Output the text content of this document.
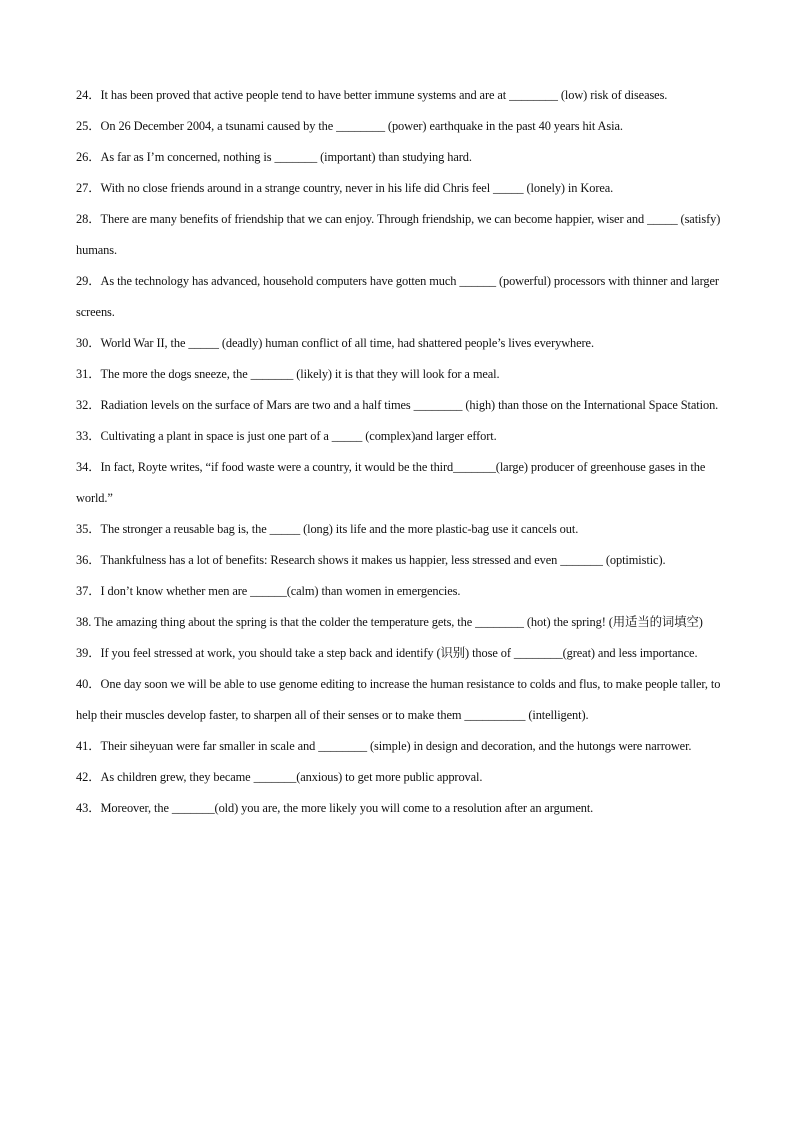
24．It has been proved that active people tend to have better immune systems and are at ________ (low) risk of diseases.

25．On 26 December 2004, a tsunami caused by the ________ (power) earthquake in the past 40 years hit Asia.

26．As far as I’m concerned, nothing is _______ (important) than studying hard.

27．With no close friends around in a strange country, never in his life did Chris feel _____ (lonely) in Korea.

28．There are many benefits of friendship that we can enjoy. Through friendship, we can become happier, wiser and _____ (satisfy) humans.

29．As the technology has advanced, household computers have gotten much ______ (powerful) processors with thinner and larger screens.

30．World War II, the _____ (deadly) human conflict of all time, had shattered people’s lives everywhere.

31．The more the dogs sneeze, the _______ (likely) it is that they will look for a meal.

32．Radiation levels on the surface of Mars are two and a half times ________ (high) than those on the International Space Station.

33．Cultivating a plant in space is just one part of a _____ (complex)and larger effort.

34．In fact, Royte writes, “if food waste were a country, it would be the third_______(large) producer of greenhouse gases in the world.”

35．The stronger a reusable bag is, the _____ (long) its life and the more plastic-bag use it cancels out.

36．Thankfulness has a lot of benefits: Research shows it makes us happier, less stressed and even _______ (optimistic).

37．I don’t know whether men are ______(calm) than women in emergencies.

38. The amazing thing about the spring is that the colder the temperature gets, the ________ (hot) the spring! (用适当的词填空)

39．If you feel stressed at work, you should take a step back and identify (识别) those of ________(great) and less importance.

40．One day soon we will be able to use genome editing to increase the human resistance to colds and flus, to make people taller, to help their muscles develop faster, to sharpen all of their senses or to make them __________ (intelligent).

41．Their siheyuan were far smaller in scale and ________ (simple) in design and decoration, and the hutongs were narrower.

42．As children grew, they became _______(anxious) to get more public approval.

43．Moreover, the _______(old) you are, the more likely you will come to a resolution after an argument.
